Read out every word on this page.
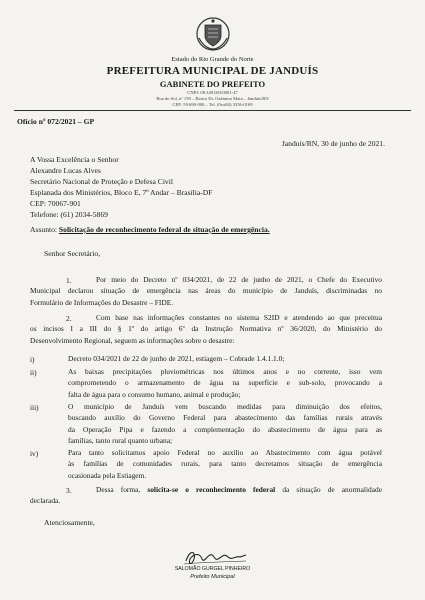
Estado do Rio Grande do Norte
PREFEITURA MUNICIPAL DE JANDUÍS
GABINETE DO PREFEITO
CNPJ: 08.349.003/0001-47
Rua do Sol, nº 159 – Bairro Dr. Ozânimo Maia – Janduís/RN
CEP: 59.690-000 – Tel. (0xx84) 3356-0169
Ofício nº 072/2021 – GP
Janduís/RN, 30 de junho de 2021.
A Vossa Excelência o Senhor
Alexandre Lucas Alves
Secretário Nacional de Proteção e Defesa Civil
Esplanada dos Ministérios, Bloco E, 7º Andar – Brasília-DF
CEP: 70067-901
Telefone: (61) 2034-5869
Assunto: Solicitação de reconhecimento federal de situação de emergência.
Senhor Secretário,
1.	Por meio do Decreto nº 034/2021, de 22 de junho de 2021, o Chefe do Executivo
Municipal declarou situação de emergência nas áreas do município de Janduís, discriminadas no
Formulário de Informações do Desastre – FIDE.
2.	Com base nas informações constantes no sistema S2ID e atendendo ao que preceitua
os incisos I a III do § 1º do artigo 6º da Instrução Normativa nº 36/2020, do Ministério do
Desenvolvimento Regional, seguem as informações sobre o desastre:
i)	Decreto 034/2021 de 22 de junho de 2021, estiagem – Cobrade 1.4.1.1.0;
ii)	As baixas precipitações pluviométricas nos últimos anos e no corrente, isso vem
comprometendo o armazenamento de água na superfície e sub-solo, provocando a
falta de água para o consumo humano, animal e produção;
iii)	O município de Janduís vem buscando medidas para diminuição dos efeitos,
buscando auxílio do Governo Federal para abastecimento das famílias rurais através
da Operação Pipa e fazendo a complementação do abastecimento de água para as
famílias, tanto rural quanto urbana;
iv)	Para tanto solicitamos apoio Federal no auxílio ao Abastecimento com água potável
às famílias de comunidades rurais, para tanto decretamos situação de emergência
ocasionada pela Estiagem.
3.	Dessa forma, solicita-se o reconhecimento federal da situação de anormalidade
declarada.
Atenciosamente,
SALOMÃO GURGEL PINHEIRO
Prefeito Municipal
